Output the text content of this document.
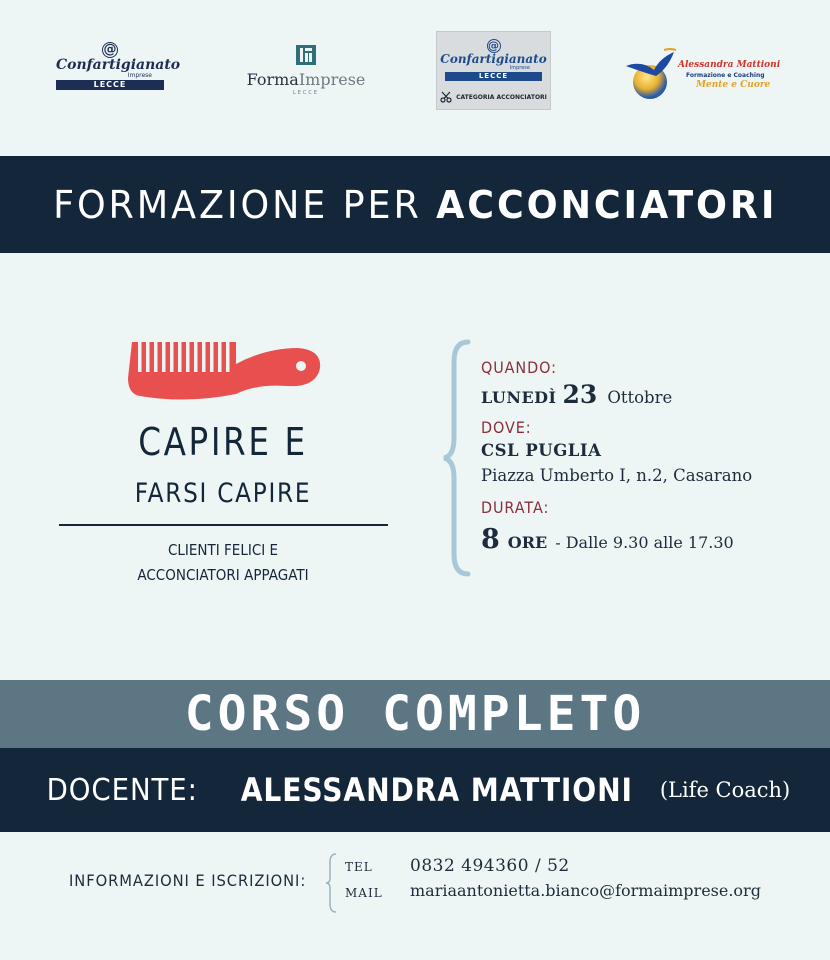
@
Confartigianato
Imprese
LECCE	FormaImprese
LECCE
@
Confartigianato
Imprese
LECCE
CATEGORIA ACCONCIATORI
Alessandra Mattioni
Formazione e Coaching
Mente e Cuore
FORMAZIONE PER ACCONCIATORI
CAPIRE E
FARSI CAPIRE
CLIENTI FELICI E
ACCONCIATORI APPAGATI
QUANDO:
LUNEDÌ 23 Ottobre
DOVE:
CSL PUGLIA
Piazza Umberto I, n.2, Casarano
DURATA:
8 ORE - Dalle 9.30 alle 17.30
CORSO COMPLETO
DOCENTE: ALESSANDRA MATTIONI (Life Coach)
INFORMAZIONI E ISCRIZIONI:
TEL
MAIL
0832 494360 / 52
mariaantonietta.bianco@formaimprese.org
